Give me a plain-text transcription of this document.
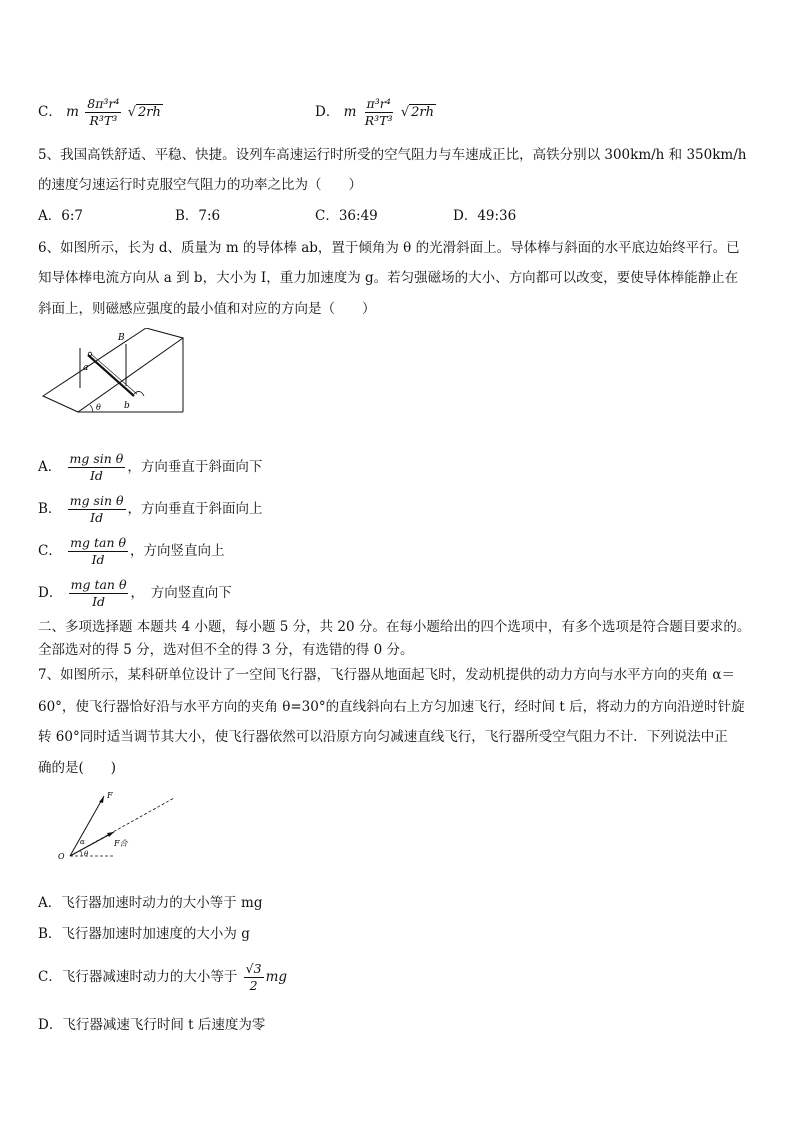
C． m $\frac{\text{8π³r⁴}}{\text{R³T³}}$ √ 2rh	D． m $\frac{\text{π³r⁴}}{\text{R³T³}}$ √ 2rh
5、我国高铁舒适、平稳、快捷。设列车高速运行时所受的空气阻力与车速成正比，高铁分别以 300km/h 和 350km/h
的速度匀速运行时克服空气阻力的功率之比为（　　）
A．6:7	B．7:6	C．36:49	D．49:36
6、如图所示，长为 d、质量为 m 的导体棒 ab，置于倾角为 θ 的光滑斜面上。导体棒与斜面的水平底边始终平行。已
知导体棒电流方向从 a 到 b，大小为 I，重力加速度为 g。若匀强磁场的大小、方向都可以改变，要使导体棒能静止在
斜面上，则磁感应强度的最小值和对应的方向是（　　）
B
a
b
θ
A． $\frac{\text{mg sin θ}}{Id}$ ，方向垂直于斜面向下
B． $\frac{\text{mg sin θ}}{Id}$ ，方向垂直于斜面向上
C． $\frac{\text{mg tan θ}}{Id}$ ，方向竖直向上
D． $\frac{\text{mg tan θ}}{Id}$ ，　方向竖直向下
二、多项选择题 本题共 4 小题，每小题 5 分，共 20 分。在每小题给出的四个选项中，有多个选项是符合题目要求的。
全部选对的得 5 分，选对但不全的得 3 分，有选错的得 0 分。
7、如图所示，某科研单位设计了一空间飞行器，飞行器从地面起飞时，发动机提供的动力方向与水平方向的夹角 α＝
60°，使飞行器恰好沿与水平方向的夹角 θ=30°的直线斜向右上方匀加速飞行，经时间 t 后，将动力的方向沿逆时针旋
转 60°同时适当调节其大小，使飞行器依然可以沿原方向匀减速直线飞行，飞行器所受空气阻力不计．下列说法中正
确的是(　　)
F
F合
O
α
θ
A．飞行器加速时动力的大小等于 mg
B．飞行器加速时加速度的大小为 g
C．飞行器减速时动力的大小等于 $\frac{√3}{2}$ mg
D．飞行器减速飞行时间 t 后速度为零
